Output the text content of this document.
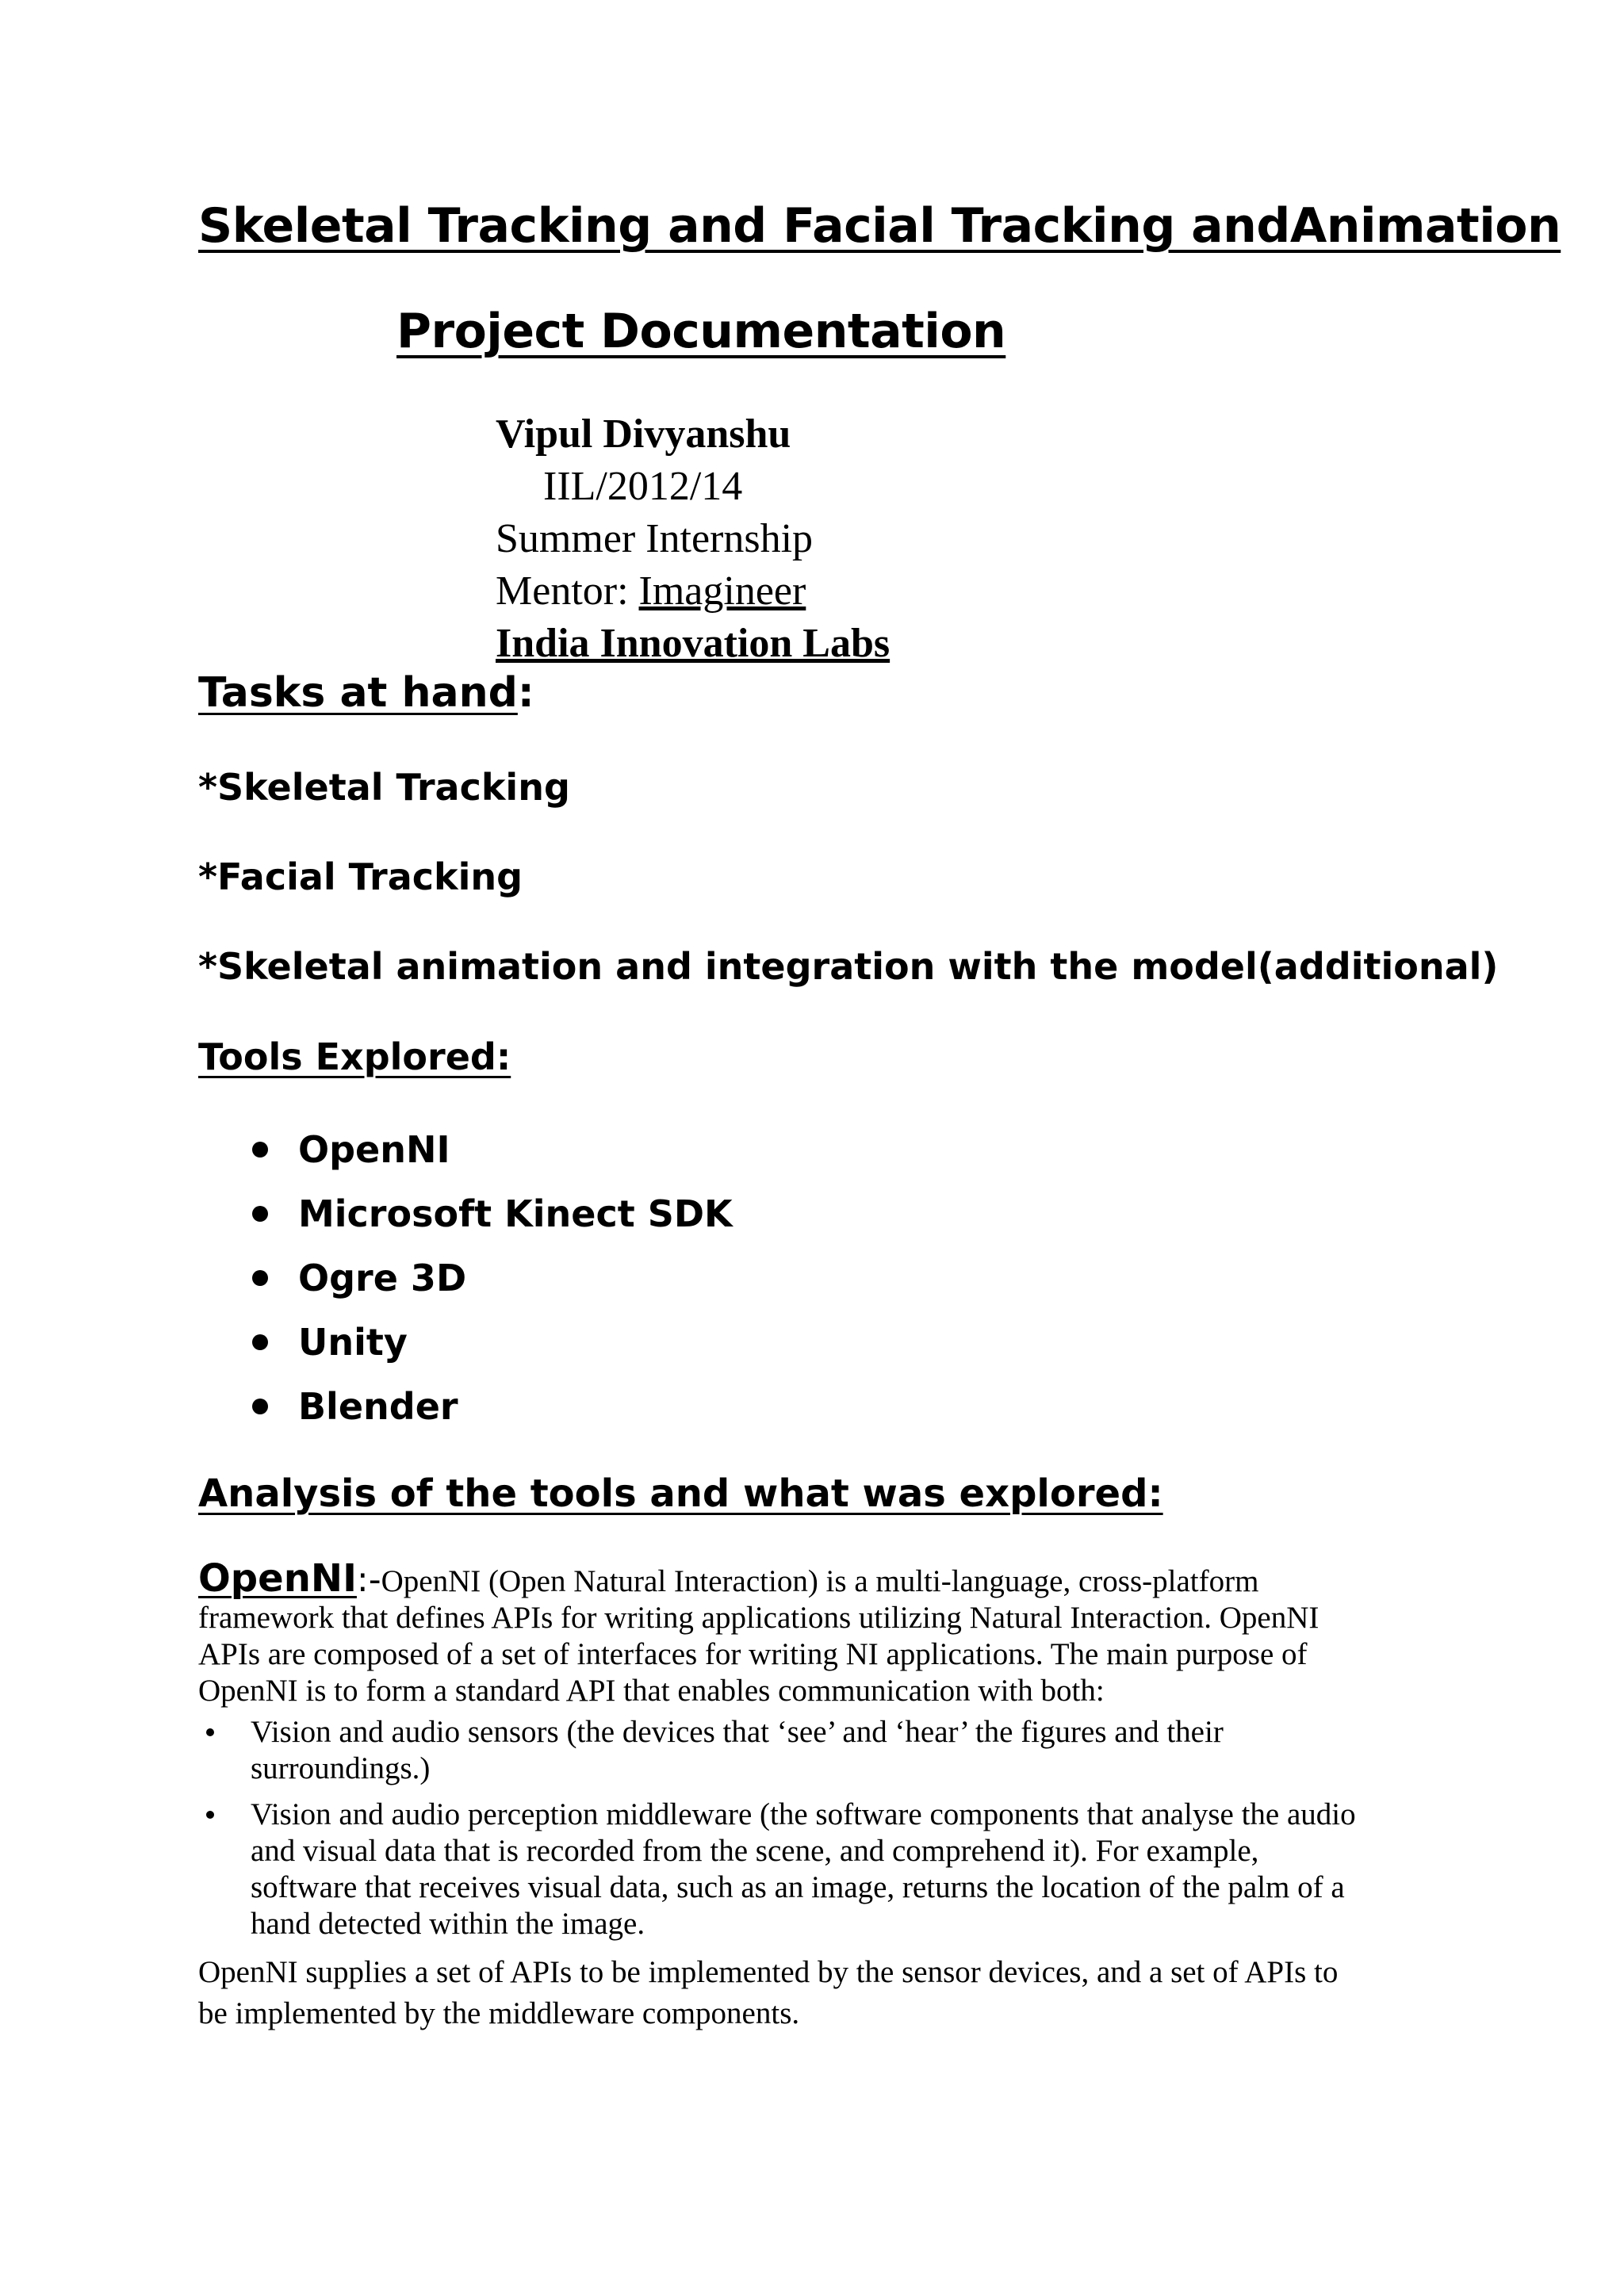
Skeletal Tracking and Facial Tracking andAnimation
Project Documentation
Vipul Divyanshu
IIL/2012/14
Summer Internship
Mentor: Imagineer
India Innovation Labs
Tasks at hand:
*Skeletal Tracking
*Facial Tracking
*Skeletal animation and integration with the model(additional)
Tools Explored:
OpenNI
Microsoft Kinect SDK
Ogre 3D
Unity
Blender
Analysis of the tools and what was explored:
OpenNI:-OpenNI (Open Natural Interaction) is a multi-language, cross-platform
framework that defines APIs for writing applications utilizing Natural Interaction. OpenNI
APIs are composed of a set of interfaces for writing NI applications. The main purpose of
OpenNI is to form a standard API that enables communication with both:
Vision and audio sensors (the devices that ‘see’ and ‘hear’ the figures and their
surroundings.)
Vision and audio perception middleware (the software components that analyse the audio
and visual data that is recorded from the scene, and comprehend it). For example,
software that receives visual data, such as an image, returns the location of the palm of a
hand detected within the image.
OpenNI supplies a set of APIs to be implemented by the sensor devices, and a set of APIs to
be implemented by the middleware components.
